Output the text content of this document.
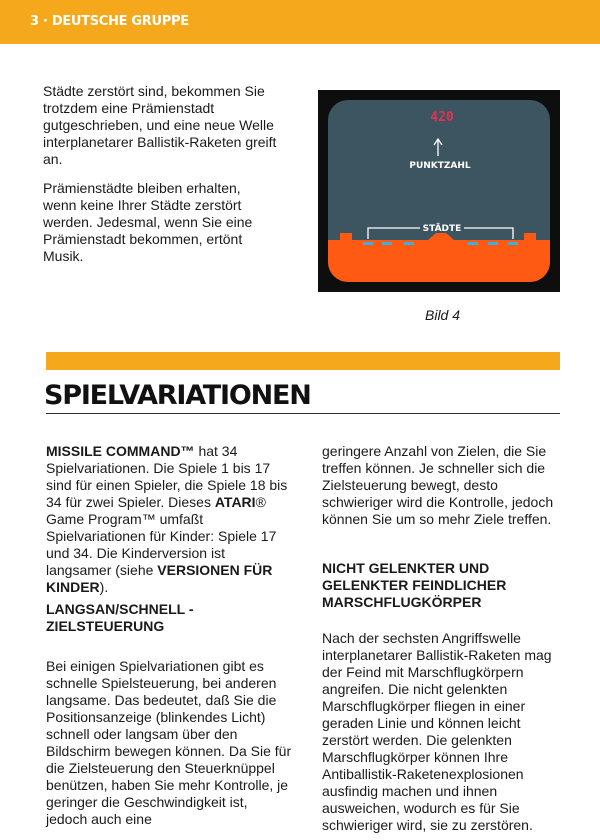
3 · DEUTSCHE GRUPPE

Städte zerstört sind, bekommen Sie trotzdem eine Prämienstadt gutgeschrieben, und eine neue Welle interplanetarer Ballistik-Raketen greift an.

Prämienstädte bleiben erhalten, wenn keine Ihrer Städte zerstört werden. Jedesmal, wenn Sie eine Prämienstadt bekommen, ertönt Musik.

420
PUNKTZAHL
STÄDTE
Bild 4
SPIELVARIATIONEN

MISSILE COMMAND™ hat 34 Spielvariationen. Die Spiele 1 bis 17 sind für einen Spieler, die Spiele 18 bis 34 für zwei Spieler. Dieses ATARI® Game Program™ umfaßt Spielvariationen für Kinder: Spiele 17 und 34. Die Kinderversion ist langsamer (siehe VERSIONEN FÜR KINDER).

LANGSAN/SCHNELL - ZIELSTEUERUNG

Bei einigen Spielvariationen gibt es schnelle Spielsteuerung, bei anderen langsame. Das bedeutet, daß Sie die Positionsanzeige (blinkendes Licht) schnell oder langsam über den Bildschirm bewegen können. Da Sie für die Zielsteuerung den Steuerknüppel benützen, haben Sie mehr Kontrolle, je geringer die Geschwindigkeit ist, jedoch auch eine

geringere Anzahl von Zielen, die Sie treffen können. Je schneller sich die Zielsteuerung bewegt, desto schwieriger wird die Kontrolle, jedoch können Sie um so mehr Ziele treffen.

NICHT GELENKTER UND GELENKTER FEINDLICHER MARSCHFLUGKÖRPER

Nach der sechsten Angriffswelle interplanetarer Ballistik-Raketen mag der Feind mit Marschflugkörpern angreifen. Die nicht gelenkten Marschflugkörper fliegen in einer geraden Linie und können leicht zerstört werden. Die gelenkten Marschflugkörper können Ihre Antiballistik-Raketenexplosionen ausfindig machen und ihnen ausweichen, wodurch es für Sie schwieriger wird, sie zu zerstören.
